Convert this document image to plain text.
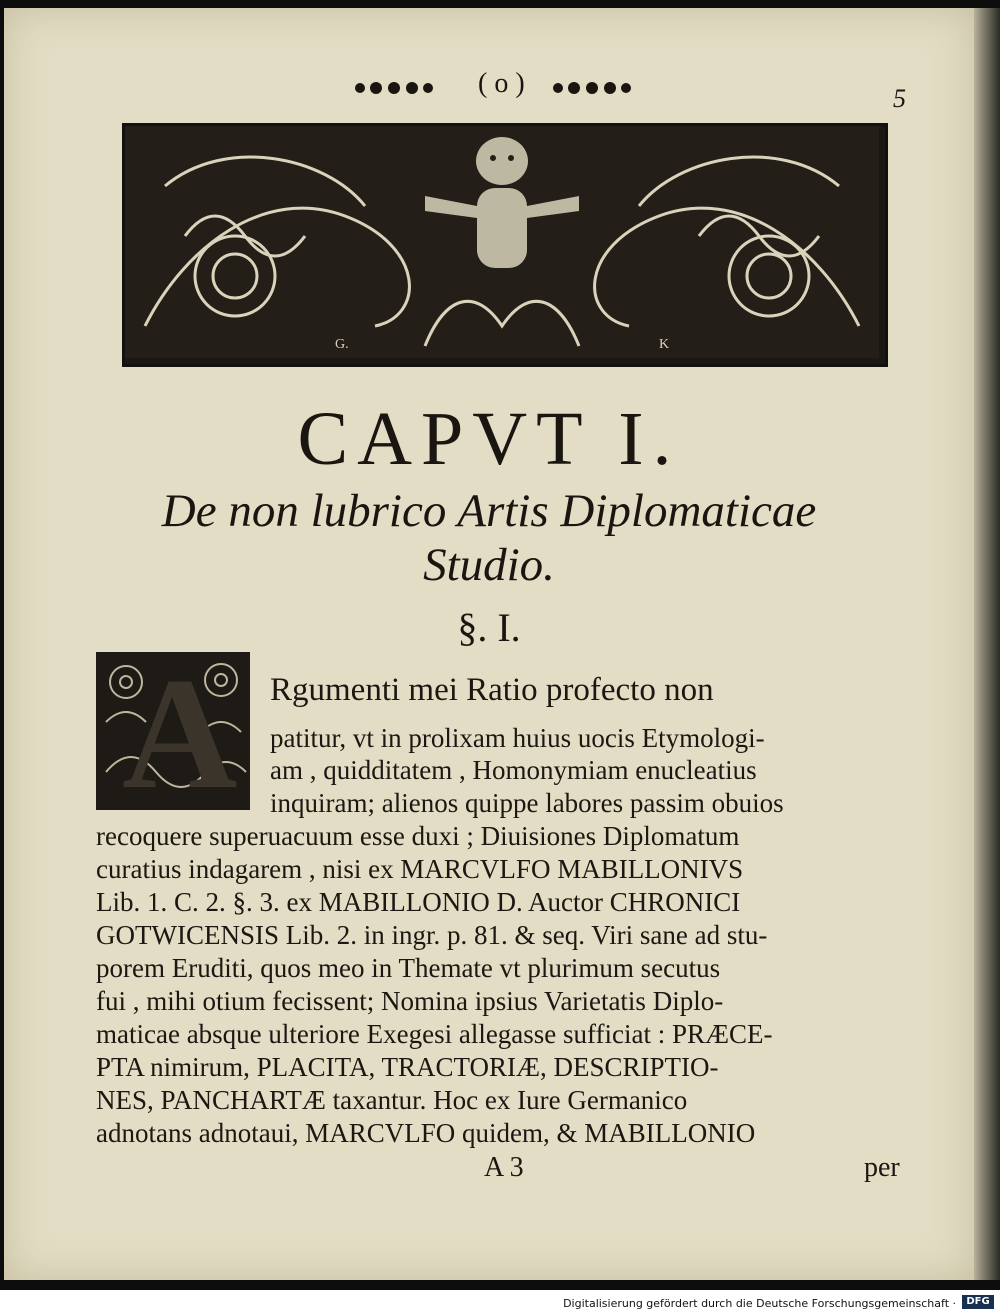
( o )	5
G.	K
CAPVT I.
De non lubrico Artis Diplomaticae
Studio.
§. I.
A Rgumenti mei Ratio profecto non
patitur, vt in prolixam huius uocis Etymologi-
am , quidditatem , Homonymiam enucleatius
inquiram; alienos quippe labores passim obuios
recoquere superuacuum esse duxi ; Diuisiones Diplomatum
curatius indagarem , nisi ex MARCVLFO MABILLONIVS
Lib. 1. C. 2. §. 3. ex MABILLONIO D. Auctor CHRONICI
GOTWICENSIS Lib. 2. in ingr. p. 81. & seq. Viri sane ad stu-
porem Eruditi, quos meo in Themate vt plurimum secutus
fui , mihi otium fecissent; Nomina ipsius Varietatis Diplo-
maticae absque ulteriore Exegesi allegasse sufficiat : PRÆCE-
PTA nimirum, PLACITA, TRACTORIÆ, DESCRIPTIO-
NES, PANCHARTÆ taxantur. Hoc ex Iure Germanico
adnotans adnotaui, MARCVLFO quidem, & MABILLONIO
A 3	per
Digitalisierung gefördert durch die Deutsche Forschungsgemeinschaft ·	DFG
